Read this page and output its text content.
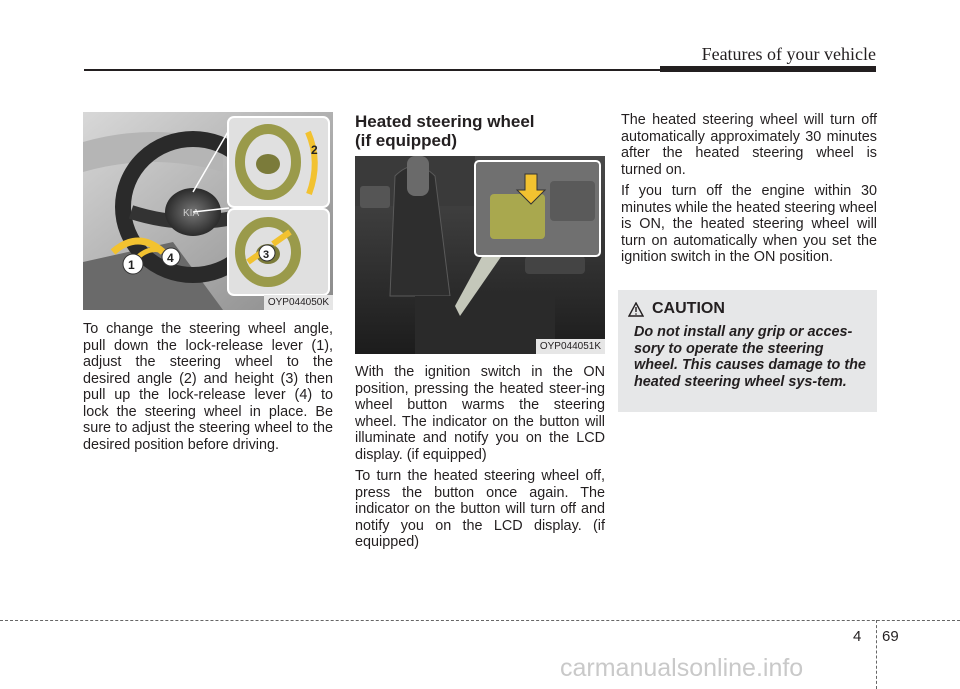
Features of your vehicle
KIA
1	4
2
3
OYP044050K

To change the steering wheel angle, pull down the lock-release lever (1), adjust the steering wheel to the desired angle (2) and height (3) then pull up the lock-release lever (4) to lock the steering wheel in place. Be sure to adjust the steering wheel to the desired position before driving.

Heated steering wheel
(if equipped)
OYP044051K

With the ignition switch in the ON position, pressing the heated steer-ing wheel button warms the steering wheel. The indicator on the button will illuminate and notify you on the LCD display. (if equipped)

To turn the heated steering wheel off, press the button once again. The indicator on the button will turn off and notify you on the LCD display. (if equipped)

The heated steering wheel will turn off automatically approximately 30 minutes after the heated steering wheel is turned on.

If you turn off the engine within 30 minutes while the heated steering wheel is ON, the heated steering wheel will turn on automatically when you set the ignition switch in the ON position.

CAUTION
Do not install any grip or acces-sory to operate the steering wheel. This causes damage to the heated steering wheel sys-tem.
4 69
carmanualsonline.info
